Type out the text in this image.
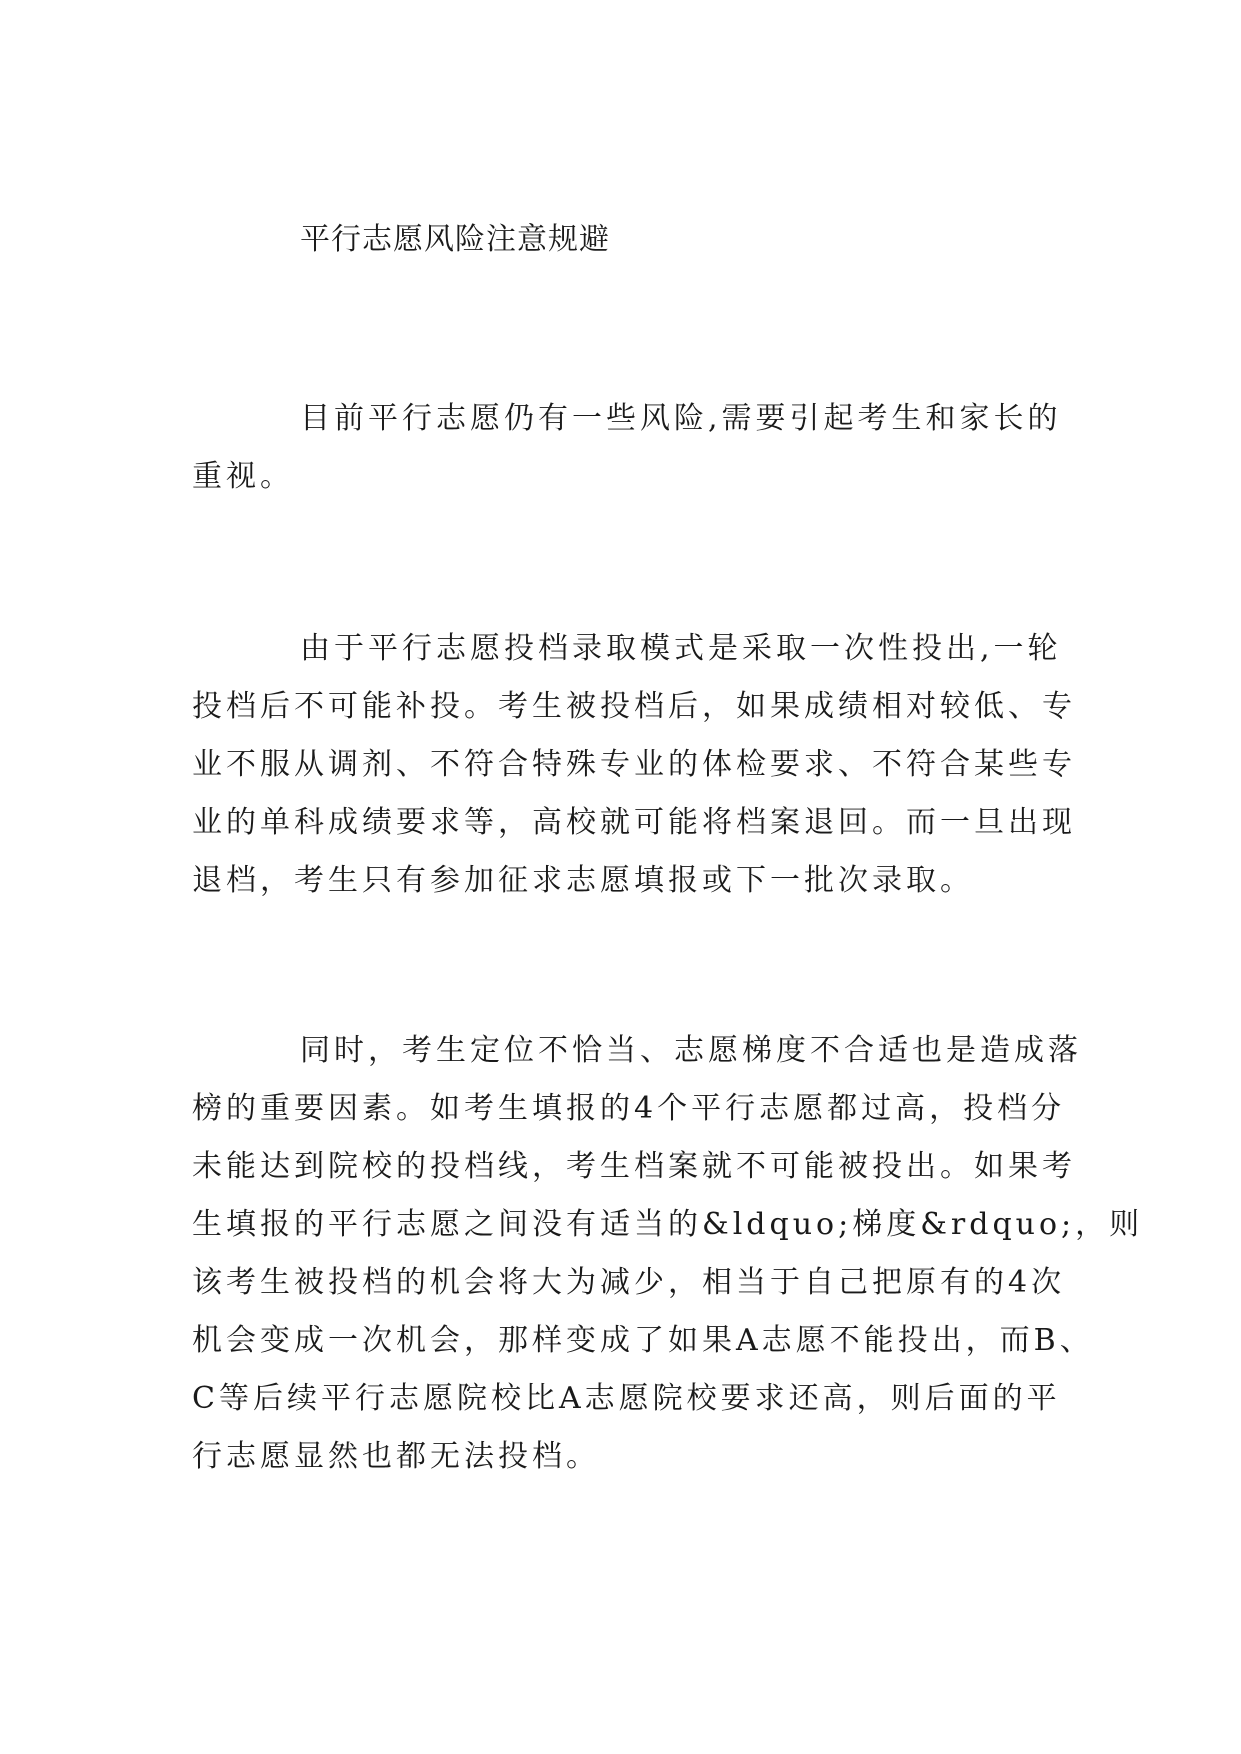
平行志愿风险注意规避

目前平行志愿仍有一些风险,需要引起考生和家长的
重视。

由于平行志愿投档录取模式是采取一次性投出,一轮
投档后不可能补投。考生被投档后，如果成绩相对较低、专
业不服从调剂、不符合特殊专业的体检要求、不符合某些专
业的单科成绩要求等，高校就可能将档案退回。而一旦出现
退档，考生只有参加征求志愿填报或下一批次录取。

同时，考生定位不恰当、志愿梯度不合适也是造成落
榜的重要因素。如考生填报的4个平行志愿都过高，投档分
未能达到院校的投档线，考生档案就不可能被投出。如果考
生填报的平行志愿之间没有适当的&ldquo;梯度&rdquo;，则
该考生被投档的机会将大为减少，相当于自己把原有的4次
机会变成一次机会，那样变成了如果A志愿不能投出，而B、
C等后续平行志愿院校比A志愿院校要求还高，则后面的平
行志愿显然也都无法投档。
